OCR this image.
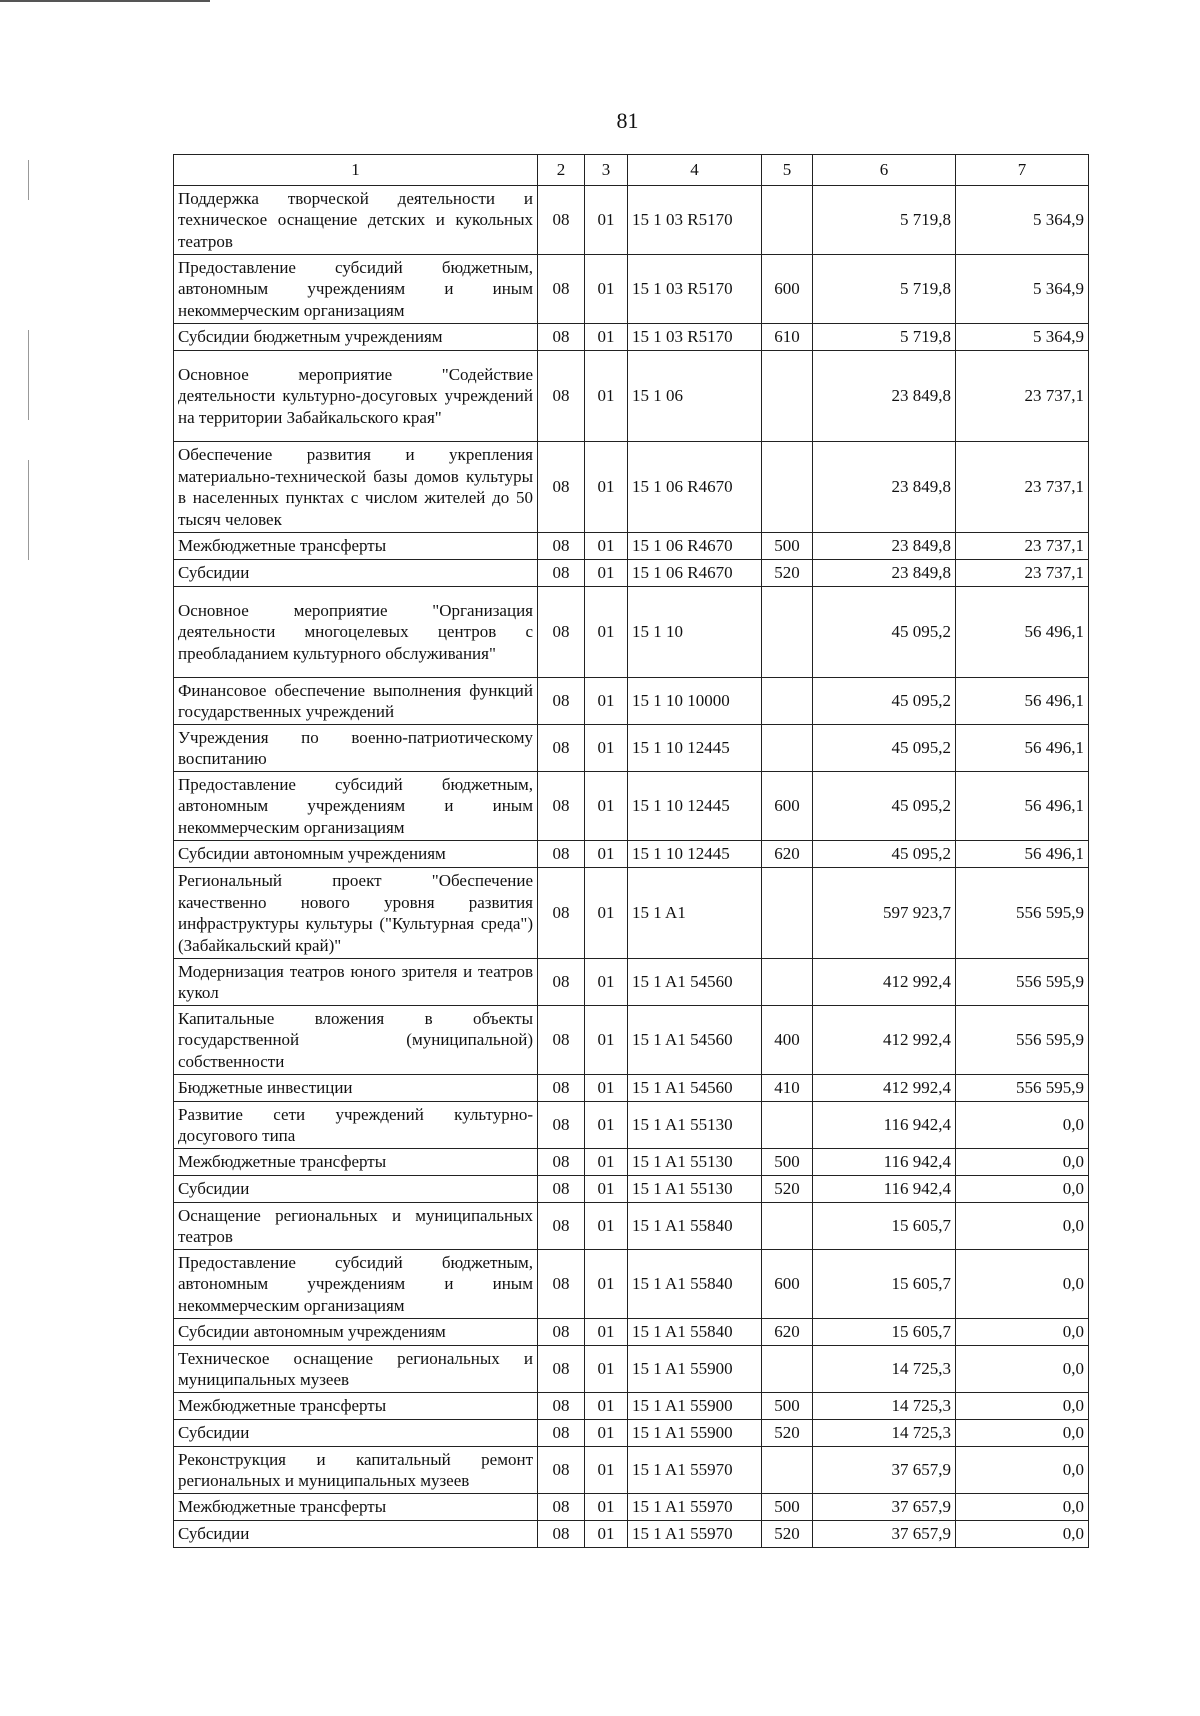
81
1	2	3	4	5	6	7
Поддержка творческой деятельности и техническое оснащение детских и кукольных театров	08	01	15 1 03 R5170		5 719,8	5 364,9
Предоставление субсидий бюджетным, автономным учреждениям и иным некоммерческим организациям	08	01	15 1 03 R5170	600	5 719,8	5 364,9
Субсидии бюджетным учреждениям	08	01	15 1 03 R5170	610	5 719,8	5 364,9
Основное мероприятие "Содействие деятельности культурно-досуговых учреждений на территории Забайкальского края"	08	01	15 1 06		23 849,8	23 737,1
Обеспечение развития и укрепления материально-технической базы домов культуры в населенных пунктах с числом жителей до 50 тысяч человек	08	01	15 1 06 R4670		23 849,8	23 737,1
Межбюджетные трансферты	08	01	15 1 06 R4670	500	23 849,8	23 737,1
Субсидии	08	01	15 1 06 R4670	520	23 849,8	23 737,1
Основное мероприятие "Организация деятельности многоцелевых центров с преобладанием культурного обслуживания"	08	01	15 1 10		45 095,2	56 496,1
Финансовое обеспечение выполнения функций государственных учреждений	08	01	15 1 10 10000		45 095,2	56 496,1
Учреждения по военно-патриотическому воспитанию	08	01	15 1 10 12445		45 095,2	56 496,1
Предоставление субсидий бюджетным, автономным учреждениям и иным некоммерческим организациям	08	01	15 1 10 12445	600	45 095,2	56 496,1
Субсидии автономным учреждениям	08	01	15 1 10 12445	620	45 095,2	56 496,1
Региональный проект "Обеспечение качественно нового уровня развития инфраструктуры культуры ("Культурная среда") (Забайкальский край)"	08	01	15 1 A1		597 923,7	556 595,9
Модернизация театров юного зрителя и театров кукол	08	01	15 1 A1 54560		412 992,4	556 595,9
Капитальные вложения в объекты государственной (муниципальной) собственности	08	01	15 1 A1 54560	400	412 992,4	556 595,9
Бюджетные инвестиции	08	01	15 1 A1 54560	410	412 992,4	556 595,9
Развитие сети учреждений культурно-досугового типа	08	01	15 1 A1 55130		116 942,4	0,0
Межбюджетные трансферты	08	01	15 1 A1 55130	500	116 942,4	0,0
Субсидии	08	01	15 1 A1 55130	520	116 942,4	0,0
Оснащение региональных и муниципальных театров	08	01	15 1 A1 55840		15 605,7	0,0
Предоставление субсидий бюджетным, автономным учреждениям и иным некоммерческим организациям	08	01	15 1 A1 55840	600	15 605,7	0,0
Субсидии автономным учреждениям	08	01	15 1 A1 55840	620	15 605,7	0,0
Техническое оснащение региональных и муниципальных музеев	08	01	15 1 A1 55900		14 725,3	0,0
Межбюджетные трансферты	08	01	15 1 A1 55900	500	14 725,3	0,0
Субсидии	08	01	15 1 A1 55900	520	14 725,3	0,0
Реконструкция и капитальный ремонт региональных и муниципальных музеев	08	01	15 1 A1 55970		37 657,9	0,0
Межбюджетные трансферты	08	01	15 1 A1 55970	500	37 657,9	0,0
Субсидии	08	01	15 1 A1 55970	520	37 657,9	0,0
